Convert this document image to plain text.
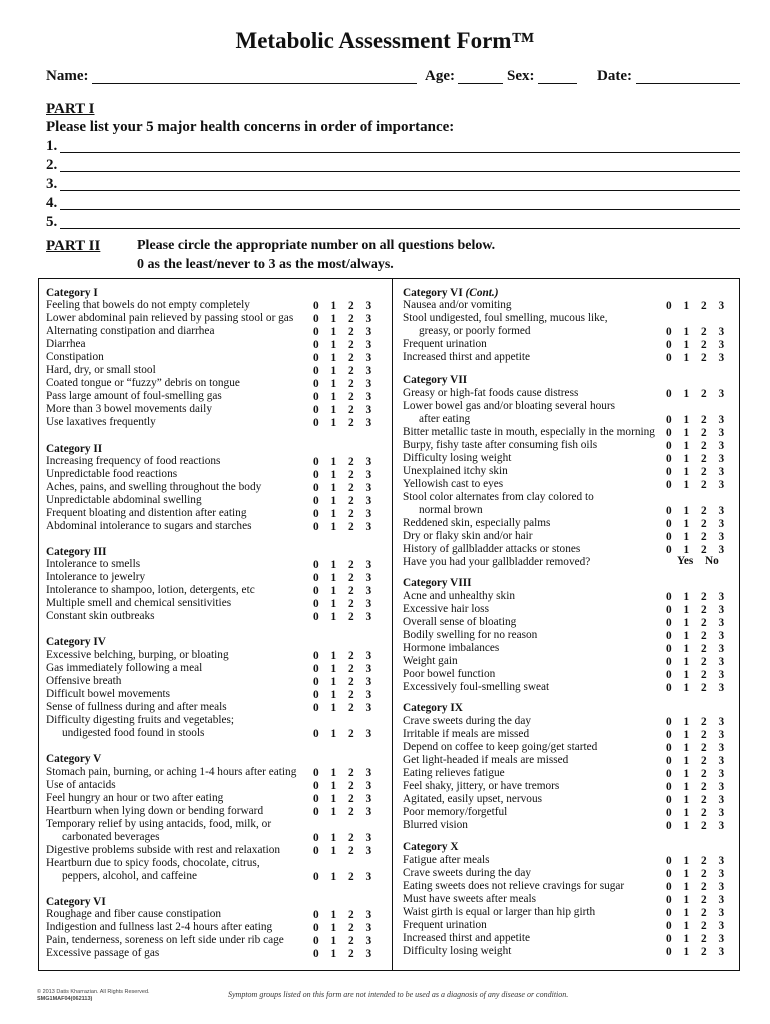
Metabolic Assessment Form™
Name:	Age:	Sex:	Date:
PART I
Please list your 5 major health concerns in order of importance:
1.
2.
3.
4.
5.
PART II	Please circle the appropriate number on all questions below.
0 as the least/never to 3 as the most/always.
Category I
Feeling that bowels do not empty completely	0	1	2	3
Lower abdominal pain relieved by passing stool or gas 0	1	2	3
Alternating constipation and diarrhea	0	1	2	3
Diarrhea	0	1	2	3
Constipation	0	1	2	3
Hard, dry, or small stool	0	1	2	3
Coated tongue or “fuzzy” debris on tongue	0	1	2	3
Pass large amount of foul-smelling gas	0	1	2	3
More than 3 bowel movements daily	0	1	2	3
Use laxatives frequently	0	1	2	3
Category II
Increasing frequency of food reactions	0	1	2	3
Unpredictable food reactions	0	1	2	3
Aches, pains, and swelling throughout the body	0	1	2	3
Unpredictable abdominal swelling	0	1	2	3
Frequent bloating and distention after eating	0	1	2	3
Abdominal intolerance to sugars and starches	0	1	2	3
Category III
Intolerance to smells	0	1	2	3
Intolerance to jewelry	0	1	2	3
Intolerance to shampoo, lotion, detergents, etc	0	1	2	3
Multiple smell and chemical sensitivities	0	1	2	3
Constant skin outbreaks	0	1	2	3
Category IV
Excessive belching, burping, or bloating	0	1	2	3
Gas immediately following a meal	0	1	2	3
Offensive breath	0	1	2	3
Difficult bowel movements	0	1	2	3
Sense of fullness during and after meals	0	1	2	3
Difficulty digesting fruits and vegetables;
undigested food found in stools	0	1	2	3
Category V
Stomach pain, burning, or aching 1-4 hours after eating 0	1	2	3
Use of antacids	0	1	2	3
Feel hungry an hour or two after eating	0	1	2	3
Heartburn when lying down or bending forward	0	1	2	3
Temporary relief by using antacids, food, milk, or
carbonated beverages	0	1	2	3
Digestive problems subside with rest and relaxation	0	1	2	3
Heartburn due to spicy foods, chocolate, citrus,
peppers, alcohol, and caffeine	0	1	2	3
Category VI
Roughage and fiber cause constipation	0	1	2	3
Indigestion and fullness last 2-4 hours after eating	0	1	2	3
Pain, tenderness, soreness on left side under rib cage	0	1	2	3
Excessive passage of gas	0	1	2	3
Category VI (Cont.)
Nausea and/or vomiting	0	1	2	3
Stool undigested, foul smelling, mucous like,
greasy, or poorly formed	0	1	2	3
Frequent urination	0	1	2	3
Increased thirst and appetite	0	1	2	3
Category VII
Greasy or high-fat foods cause distress	0	1	2	3
Lower bowel gas and/or bloating several hours
after eating	0	1	2	3
Bitter metallic taste in mouth, especially in the morning 0	1	2	3
Burpy, fishy taste after consuming fish oils	0	1	2	3
Difficulty losing weight	0	1	2	3
Unexplained itchy skin	0	1	2	3
Yellowish cast to eyes	0	1	2	3
Stool color alternates from clay colored to
normal brown	0	1	2	3
Reddened skin, especially palms	0	1	2	3
Dry or flaky skin and/or hair	0	1	2	3
History of gallbladder attacks or stones	0	1	2	3
Have you had your gallbladder removed?
Category VIII
Acne and unhealthy skin	0	1	2	3
Excessive hair loss	0	1	2	3
Overall sense of bloating	0	1	2	3
Bodily swelling for no reason	0	1	2	3
Hormone imbalances	0	1	2	3
Weight gain	0	1	2	3
Poor bowel function	0	1	2	3
Excessively foul-smelling sweat	0	1	2	3
Category IX
Crave sweets during the day	0	1	2	3
Irritable if meals are missed	0	1	2	3
Depend on coffee to keep going/get started	0	1	2	3
Get light-headed if meals are missed	0	1	2	3
Eating relieves fatigue	0	1	2	3
Feel shaky, jittery, or have tremors	0	1	2	3
Agitated, easily upset, nervous	0	1	2	3
Poor memory/forgetful	0	1	2	3
Blurred vision	0	1	2	3
Category X
Fatigue after meals	0	1	2	3
Crave sweets during the day	0	1	2	3
Eating sweets does not relieve cravings for sugar	0	1	2	3
Must have sweets after meals	0	1	2	3
Waist girth is equal or larger than hip girth	0	1	2	3
Frequent urination	0	1	2	3
Increased thirst and appetite	0	1	2	3
Difficulty losing weight	0	1	2	3
Yes	No
© 2013 Datis Kharrazian. All Rights Reserved.
SMG1MAF04(062113)	Symptom groups listed on this form are not intended to be used as a diagnosis of any disease or condition.
